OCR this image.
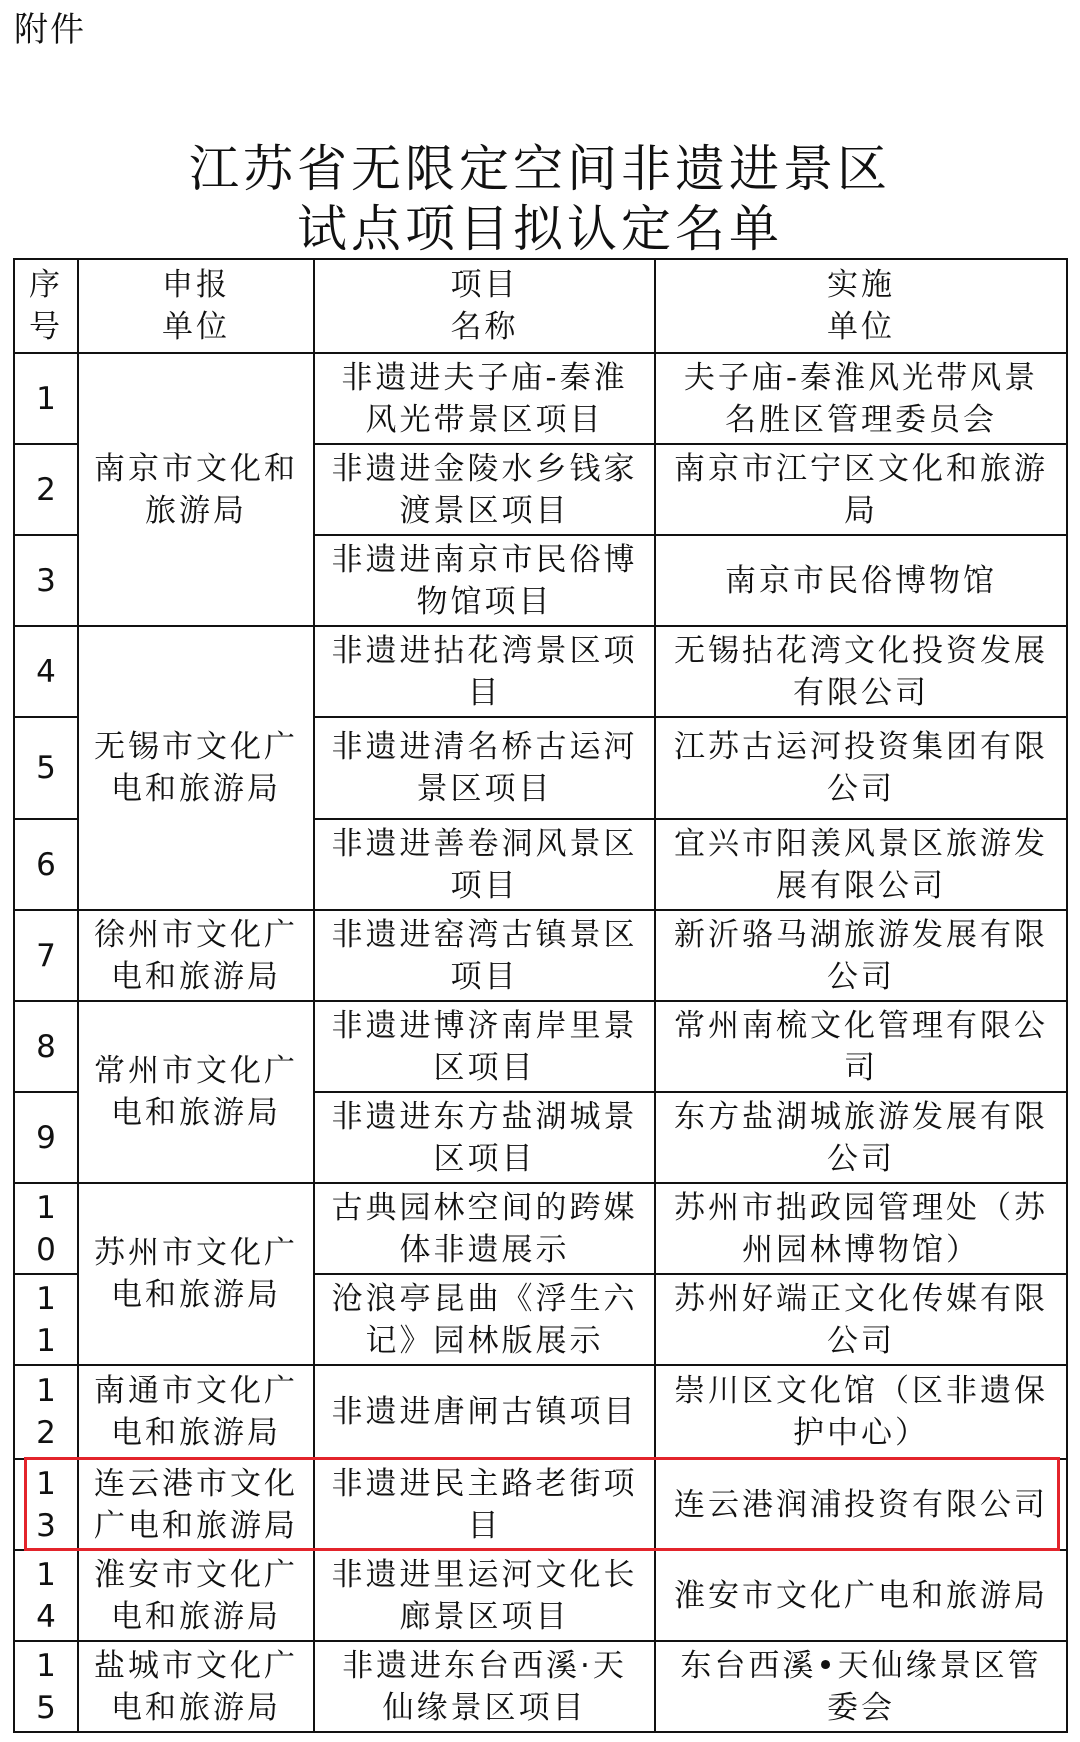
附件
江苏省无限定空间非遗进景区
试点项目拟认定名单
序
号	申报
单位	项目
名称	实施
单位

1	南京市文化和
旅游局	非遗进夫子庙-秦淮
风光带景区项目	夫子庙-秦淮风光带风景
名胜区管理委员会

2		非遗进金陵水乡钱家
渡景区项目	南京市江宁区文化和旅游
局

3		非遗进南京市民俗博
物馆项目	南京市民俗博物馆

4	无锡市文化广
电和旅游局	非遗进拈花湾景区项
目	无锡拈花湾文化投资发展
有限公司

5		非遗进清名桥古运河
景区项目	江苏古运河投资集团有限
公司

6		非遗进善卷洞风景区
项目	宜兴市阳羡风景区旅游发
展有限公司

7	徐州市文化广
电和旅游局	非遗进窑湾古镇景区
项目	新沂骆马湖旅游发展有限
公司

8	常州市文化广
电和旅游局	非遗进博济南岸里景
区项目	常州南梳文化管理有限公
司

9		非遗进东方盐湖城景
区项目	东方盐湖城旅游发展有限
公司

10	苏州市文化广
电和旅游局	古典园林空间的跨媒
体非遗展示	苏州市拙政园管理处（苏
州园林博物馆）

11		沧浪亭昆曲《浮生六
记》园林版展示	苏州好端正文化传媒有限
公司

12	南通市文化广
电和旅游局	非遗进唐闸古镇项目	崇川区文化馆（区非遗保
护中心）

13	连云港市文化
广电和旅游局	非遗进民主路老街项
目	连云港润浦投资有限公司

14	淮安市文化广
电和旅游局	非遗进里运河文化长
廊景区项目	淮安市文化广电和旅游局

15	盐城市文化广
电和旅游局	非遗进东台西溪·天
仙缘景区项目	东台西溪•天仙缘景区管
委会
